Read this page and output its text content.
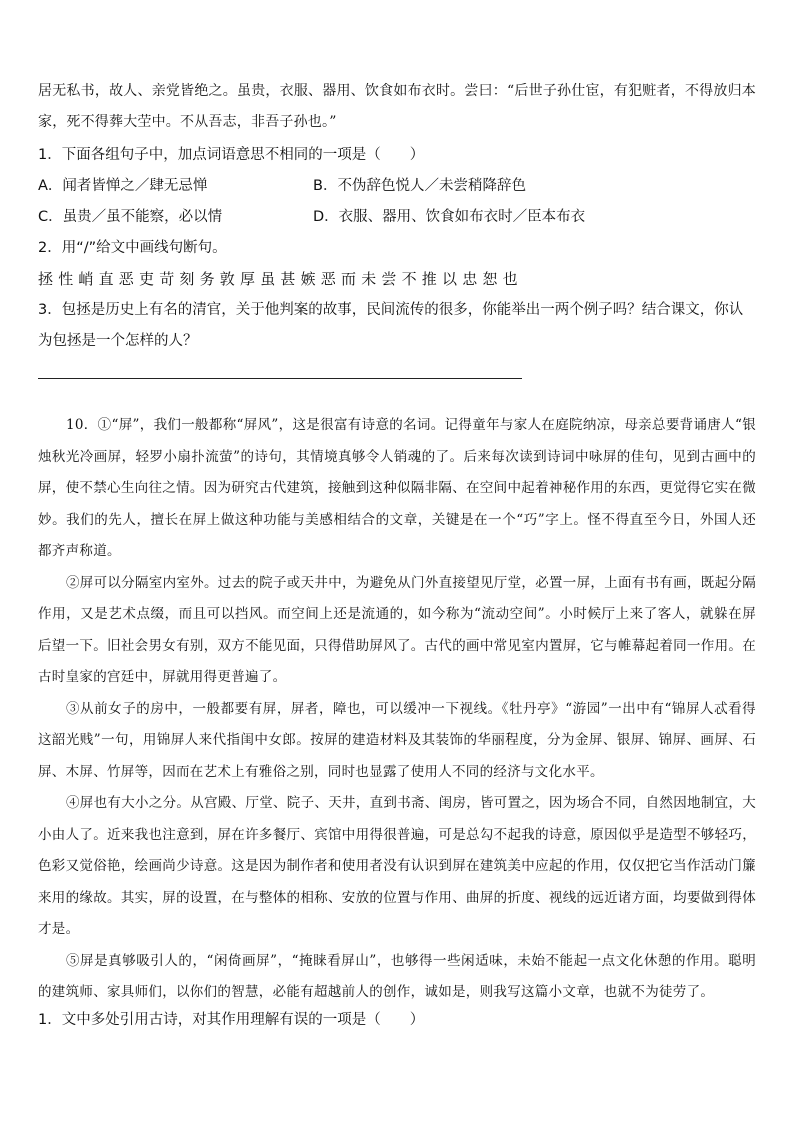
居无私书，故人、亲党皆绝之。虽贵，衣服、器用、饮食如布衣时。尝曰：“后世子孙仕宦，有犯赃者，不得放归本家，死不得葬大茔中。不从吾志，非吾子孙也。”

1．下面各组句子中，加点词语意思不相同的一项是（　　）
A．闻者皆惮之／肆无忌惮	B．不伪辞色悦人／未尝稍降辞色
C．虽贵／虽不能察，必以情	D．衣服、器用、饮食如布衣时／臣本布衣
2．用“/”给文中画线句断句。
拯性峭直恶吏苛刻务敦厚虽甚嫉恶而未尝不推以忠恕也

3．包拯是历史上有名的清官，关于他判案的故事，民间流传的很多，你能举出一两个例子吗？结合课文，你认为包拯是一个怎样的人？

10．①“屏”，我们一般都称“屏风”，这是很富有诗意的名词。记得童年与家人在庭院纳凉，母亲总要背诵唐人“银烛秋光冷画屏，轻罗小扇扑流萤”的诗句，其情境真够令人销魂的了。后来每次读到诗词中咏屏的佳句，见到古画中的屏，使不禁心生向往之情。因为研究古代建筑，接触到这种似隔非隔、在空间中起着神秘作用的东西，更觉得它实在微妙。我们的先人，擅长在屏上做这种功能与美感相结合的文章，关键是在一个“巧”字上。怪不得直至今日，外国人还都齐声称道。

②屏可以分隔室内室外。过去的院子或天井中，为避免从门外直接望见厅堂，必置一屏，上面有书有画，既起分隔作用，又是艺术点缀，而且可以挡风。而空间上还是流通的，如今称为“流动空间”。小时候厅上来了客人，就躲在屏后望一下。旧社会男女有别，双方不能见面，只得借助屏风了。古代的画中常见室内置屏，它与帷幕起着同一作用。在古时皇家的宫廷中，屏就用得更普遍了。

③从前女子的房中，一般都要有屏，屏者，障也，可以缓冲一下视线。《牡丹亭》“游园”一出中有“锦屏人忒看得这韶光贱”一句，用锦屏人来代指闺中女郎。按屏的建造材料及其装饰的华丽程度，分为金屏、银屏、锦屏、画屏、石屏、木屏、竹屏等，因而在艺术上有雅俗之别，同时也显露了使用人不同的经济与文化水平。

④屏也有大小之分。从宫殿、厅堂、院子、天井，直到书斋、闺房，皆可置之，因为场合不同，自然因地制宜，大小由人了。近来我也注意到，屏在许多餐厅、宾馆中用得很普遍，可是总勾不起我的诗意，原因似乎是造型不够轻巧，色彩又觉俗艳，绘画尚少诗意。这是因为制作者和使用者没有认识到屏在建筑美中应起的作用，仅仅把它当作活动门簾来用的缘故。其实，屏的设置，在与整体的相称、安放的位置与作用、曲屏的折度、视线的远近诸方面，均要做到得体才是。

⑤屏是真够吸引人的，“闲倚画屏”，“掩睐看屏山”，也够得一些闲适味，未始不能起一点文化休憩的作用。聪明的建筑师、家具师们，以你们的智慧，必能有超越前人的创作，诚如是，则我写这篇小文章，也就不为徒劳了。

1．文中多处引用古诗，对其作用理解有误的一项是（　　）
